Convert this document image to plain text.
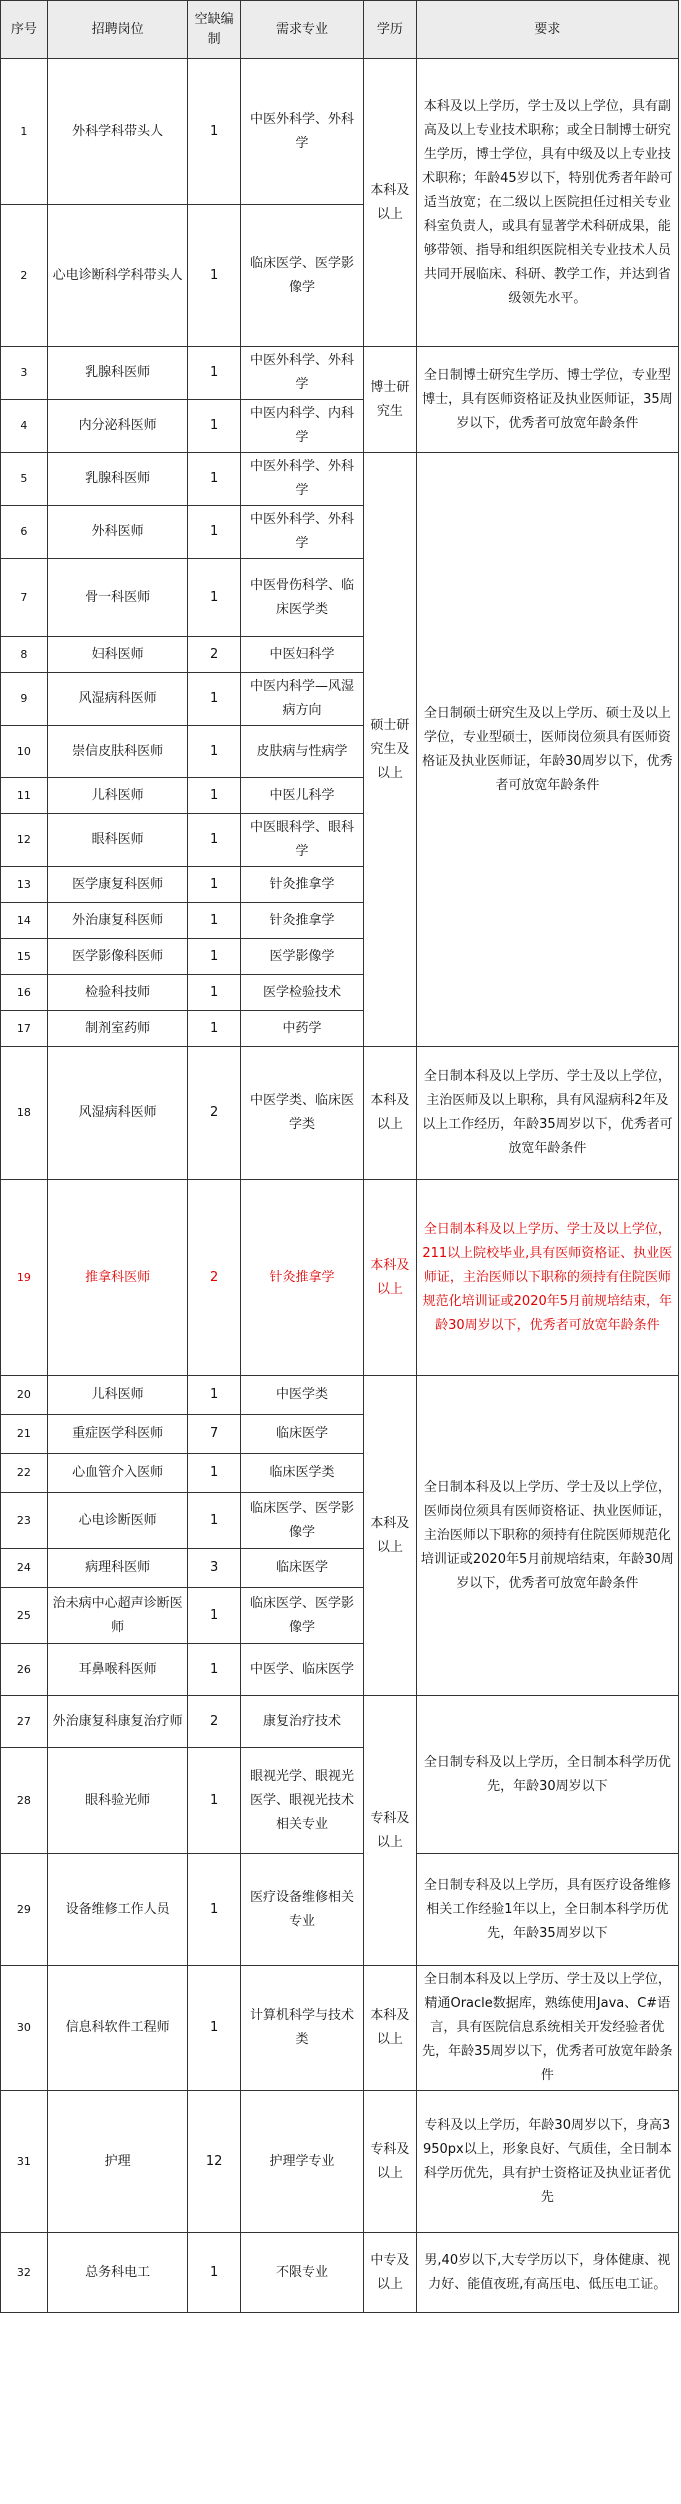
序号	招聘岗位	空缺编制	需求专业	学历	要求
1	外科学科带头人	1	中医外科学、外科学	本科及以上	本科及以上学历，学士及以上学位，具有副高及以上专业技术职称；或全日制博士研究生学历，博士学位，具有中级及以上专业技术职称；年龄45岁以下，特别优秀者年龄可适当放宽；在二级以上医院担任过相关专业科室负责人，或具有显著学术科研成果，能够带领、指导和组织医院相关专业技术人员共同开展临床、科研、教学工作，并达到省级领先水平。
2	心电诊断科学科带头人	1	临床医学、医学影像学		
3	乳腺科医师	1	中医外科学、外科学	博士研究生	全日制博士研究生学历、博士学位，专业型博士，具有医师资格证及执业医师证，35周岁以下，优秀者可放宽年龄条件
4	内分泌科医师	1	中医内科学、内科学		
5	乳腺科医师	1	中医外科学、外科学	硕士研究生及以上	全日制硕士研究生及以上学历、硕士及以上学位，专业型硕士，医师岗位须具有医师资格证及执业医师证，年龄30周岁以下，优秀者可放宽年龄条件
6	外科医师	1	中医外科学、外科学		
7	骨一科医师	1	中医骨伤科学、临床医学类		
8	妇科医师	2	中医妇科学		
9	风湿病科医师	1	中医内科学—风湿病方向		
10	崇信皮肤科医师	1	皮肤病与性病学		
11	儿科医师	1	中医儿科学		
12	眼科医师	1	中医眼科学、眼科学		
13	医学康复科医师	1	针灸推拿学		
14	外治康复科医师	1	针灸推拿学		
15	医学影像科医师	1	医学影像学		
16	检验科技师	1	医学检验技术		
17	制剂室药师	1	中药学		
18	风湿病科医师	2	中医学类、临床医学类	本科及以上	全日制本科及以上学历、学士及以上学位，主治医师及以上职称，具有风湿病科2年及以上工作经历，年龄35周岁以下，优秀者可放宽年龄条件
19	推拿科医师	2	针灸推拿学	本科及以上	全日制本科及以上学历、学士及以上学位，211以上院校毕业,具有医师资格证、执业医师证，主治医师以下职称的须持有住院医师规范化培训证或2020年5月前规培结束，年龄30周岁以下，优秀者可放宽年龄条件
20	儿科医师	1	中医学类	本科及以上	全日制本科及以上学历、学士及以上学位，医师岗位须具有医师资格证、执业医师证，主治医师以下职称的须持有住院医师规范化培训证或2020年5月前规培结束，年龄30周岁以下，优秀者可放宽年龄条件
21	重症医学科医师	7	临床医学		
22	心血管介入医师	1	临床医学类		
23	心电诊断医师	1	临床医学、医学影像学		
24	病理科医师	3	临床医学		
25	治未病中心超声诊断医师	1	临床医学、医学影像学		
26	耳鼻喉科医师	1	中医学、临床医学		
27	外治康复科康复治疗师	2	康复治疗技术	专科及以上	全日制专科及以上学历，全日制本科学历优先，年龄30周岁以下
28	眼科验光师	1	眼视光学、眼视光医学、眼视光技术相关专业		
29	设备维修工作人员	1	医疗设备维修相关专业		全日制专科及以上学历，具有医疗设备维修相关工作经验1年以上，全日制本科学历优先，年龄35周岁以下
30	信息科软件工程师	1	计算机科学与技术类	本科及以上	全日制本科及以上学历、学士及以上学位，精通Oracle数据库，熟练使用Java、C#语言，具有医院信息系统相关开发经验者优先，年龄35周岁以下，优秀者可放宽年龄条件
31	护理	12	护理学专业	专科及以上	专科及以上学历，年龄30周岁以下，身高3950px以上，形象良好、气质佳，全日制本科学历优先，具有护士资格证及执业证者优先
32	总务科电工	1	不限专业	中专及以上	男,40岁以下,大专学历以下，身体健康、视力好、能值夜班,有高压电、低压电工证。
